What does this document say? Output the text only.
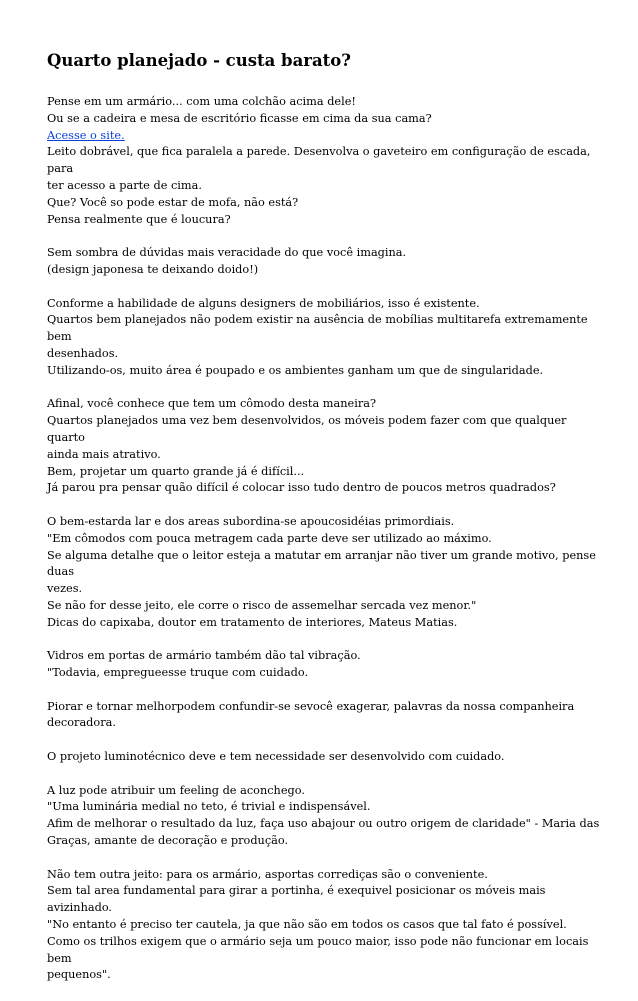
Quarto planejado - custa barato?
Pense em um armário... com uma colchão acima dele!
Ou se a cadeira e mesa de escritório ficasse em cima da sua cama?
Acesse o site.
Leito dobrável, que fica paralela a parede. Desenvolva o gaveteiro em configuração de escada, para
ter acesso a parte de cima.
Que? Você so pode estar de mofa, não está?
Pensa realmente que é loucura?
Sem sombra de dúvidas mais veracidade do que você imagina.
(design japonesa te deixando doido!)
Conforme a habilidade de alguns designers de mobiliários, isso é existente.
Quartos bem planejados não podem existir na ausência de mobílias multitarefa extremamente bem
desenhados.
Utilizando-os, muito área é poupado e os ambientes ganham um que de singularidade.
Afinal, você conhece que tem um cômodo desta maneira?
Quartos planejados uma vez bem desenvolvidos, os móveis podem fazer com que qualquer quarto
ainda mais atrativo.
Bem, projetar um quarto grande já é difícil...
Já parou pra pensar quão difícil é colocar isso tudo dentro de poucos metros quadrados?
O bem-estarda lar e dos areas subordina-se apoucosidéias primordiais.
"Em cômodos com pouca metragem cada parte deve ser utilizado ao máximo.
Se alguma detalhe que o leitor esteja a matutar em arranjar não tiver um grande motivo, pense duas
vezes.
Se não for desse jeito, ele corre o risco de assemelhar sercada vez menor."
Dicas do capixaba, doutor em tratamento de interiores, Mateus Matias.
Vidros em portas de armário também dão tal vibração.
"Todavia, empregueesse truque com cuidado.
Piorar e tornar melhorpodem confundir-se sevocê exagerar, palavras da nossa companheira
decoradora.
O projeto luminotécnico deve e tem necessidade ser desenvolvido com cuidado.
A luz pode atribuir um feeling de aconchego.
"Uma luminária medial no teto, é trivial e indispensável.
Afim de melhorar o resultado da luz, faça uso abajour ou outro origem de claridade" - Maria das
Graças, amante de decoração e produção.
Não tem outra jeito: para os armário, asportas corrediças são o conveniente.
Sem tal area fundamental para girar a portinha, é exequivel posicionar os móveis mais avizinhado.
"No entanto é preciso ter cautela, ja que não são em todos os casos que tal fato é possível.
Como os trilhos exigem que o armário seja um pouco maior, isso pode não funcionar em locais bem
pequenos".
